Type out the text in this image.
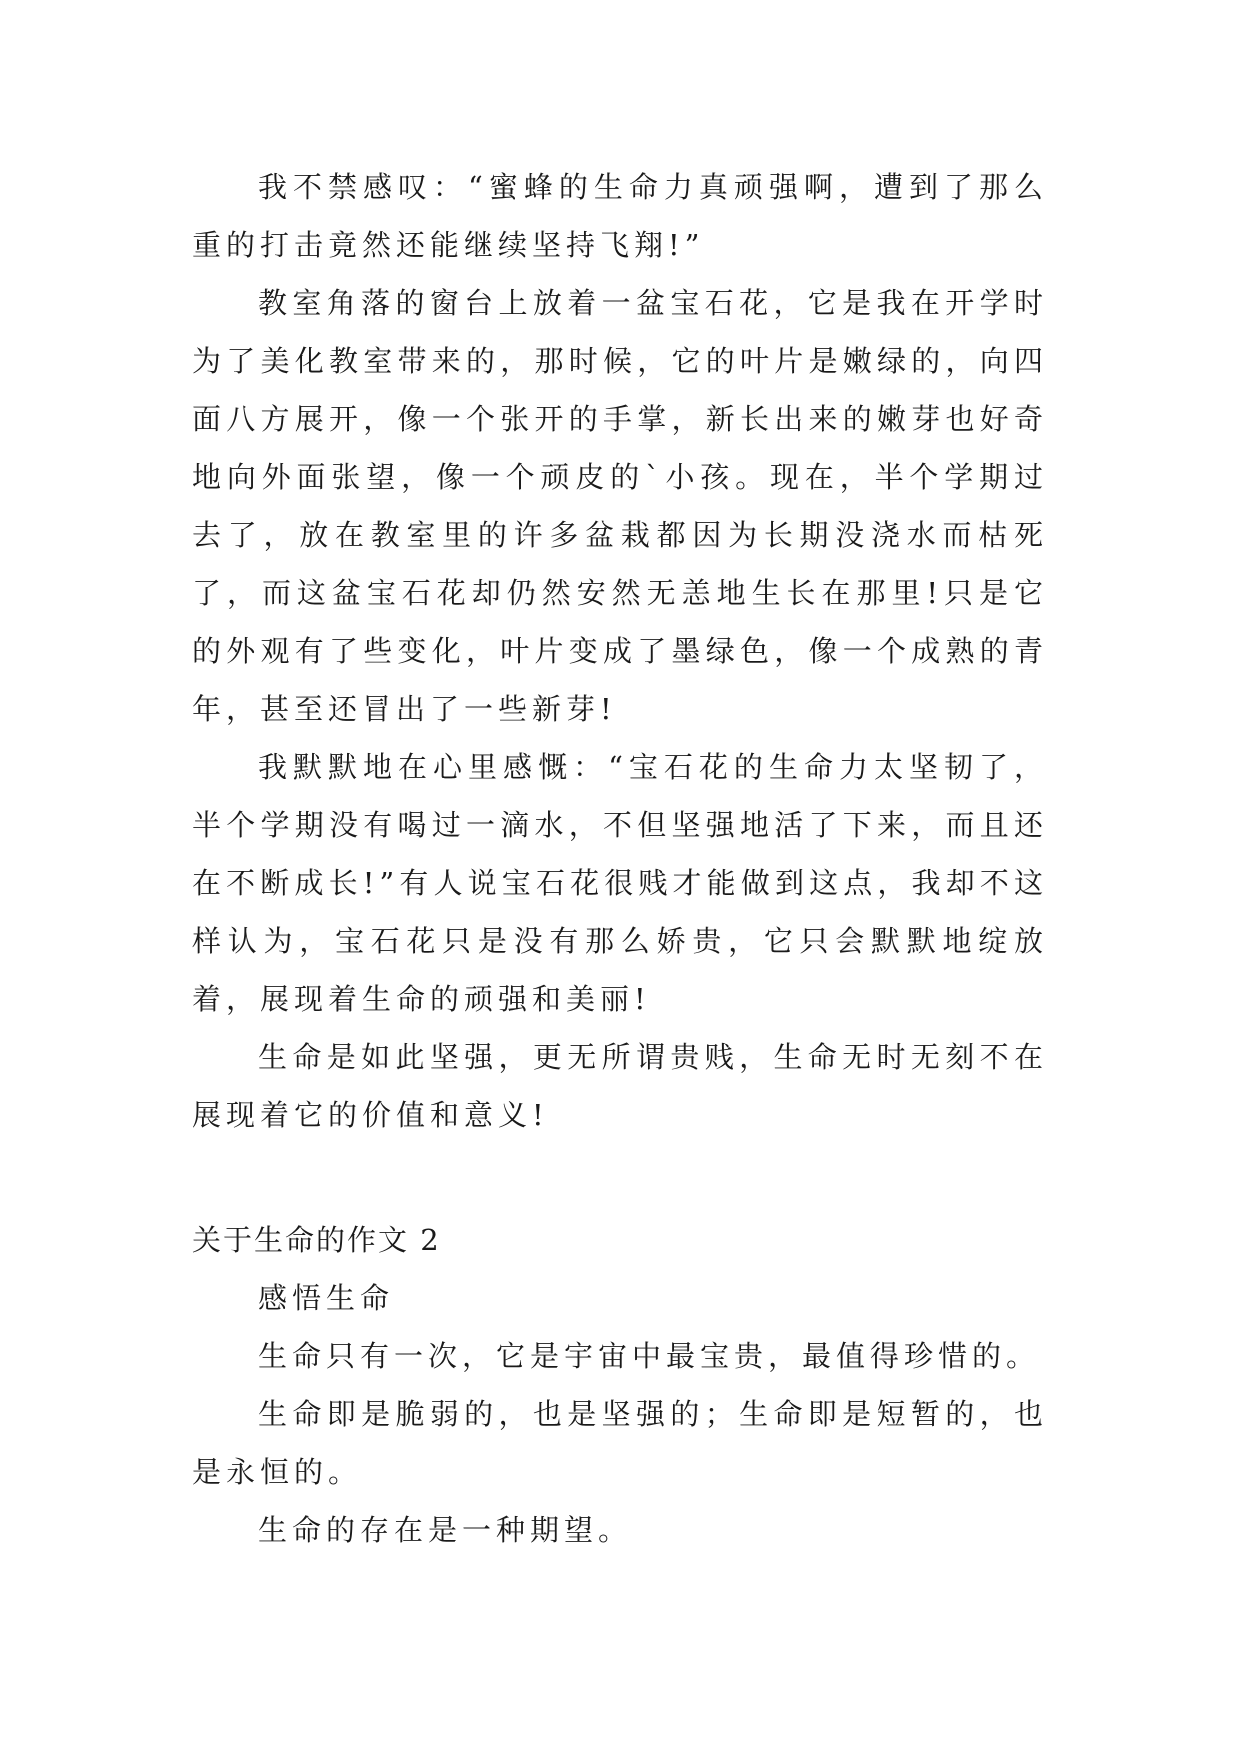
我不禁感叹：“蜜蜂的生命力真顽强啊，遭到了那么重的打击竟然还能继续坚持飞翔!”

教室角落的窗台上放着一盆宝石花，它是我在开学时为了美化教室带来的，那时候，它的叶片是嫩绿的，向四面八方展开，像一个张开的手掌，新长出来的嫩芽也好奇地向外面张望，像一个顽皮的`小孩。现在，半个学期过去了，放在教室里的许多盆栽都因为长期没浇水而枯死了，而这盆宝石花却仍然安然无恙地生长在那里!只是它的外观有了些变化，叶片变成了墨绿色，像一个成熟的青年，甚至还冒出了一些新芽!

我默默地在心里感慨：“宝石花的生命力太坚韧了，半个学期没有喝过一滴水，不但坚强地活了下来，而且还在不断成长!”有人说宝石花很贱才能做到这点，我却不这样认为，宝石花只是没有那么娇贵，它只会默默地绽放着，展现着生命的顽强和美丽!

生命是如此坚强，更无所谓贵贱，生命无时无刻不在展现着它的价值和意义!

关于生命的作文 2

感悟生命

生命只有一次，它是宇宙中最宝贵，最值得珍惜的。

生命即是脆弱的，也是坚强的；生命即是短暂的，也是永恒的。

生命的存在是一种期望。
